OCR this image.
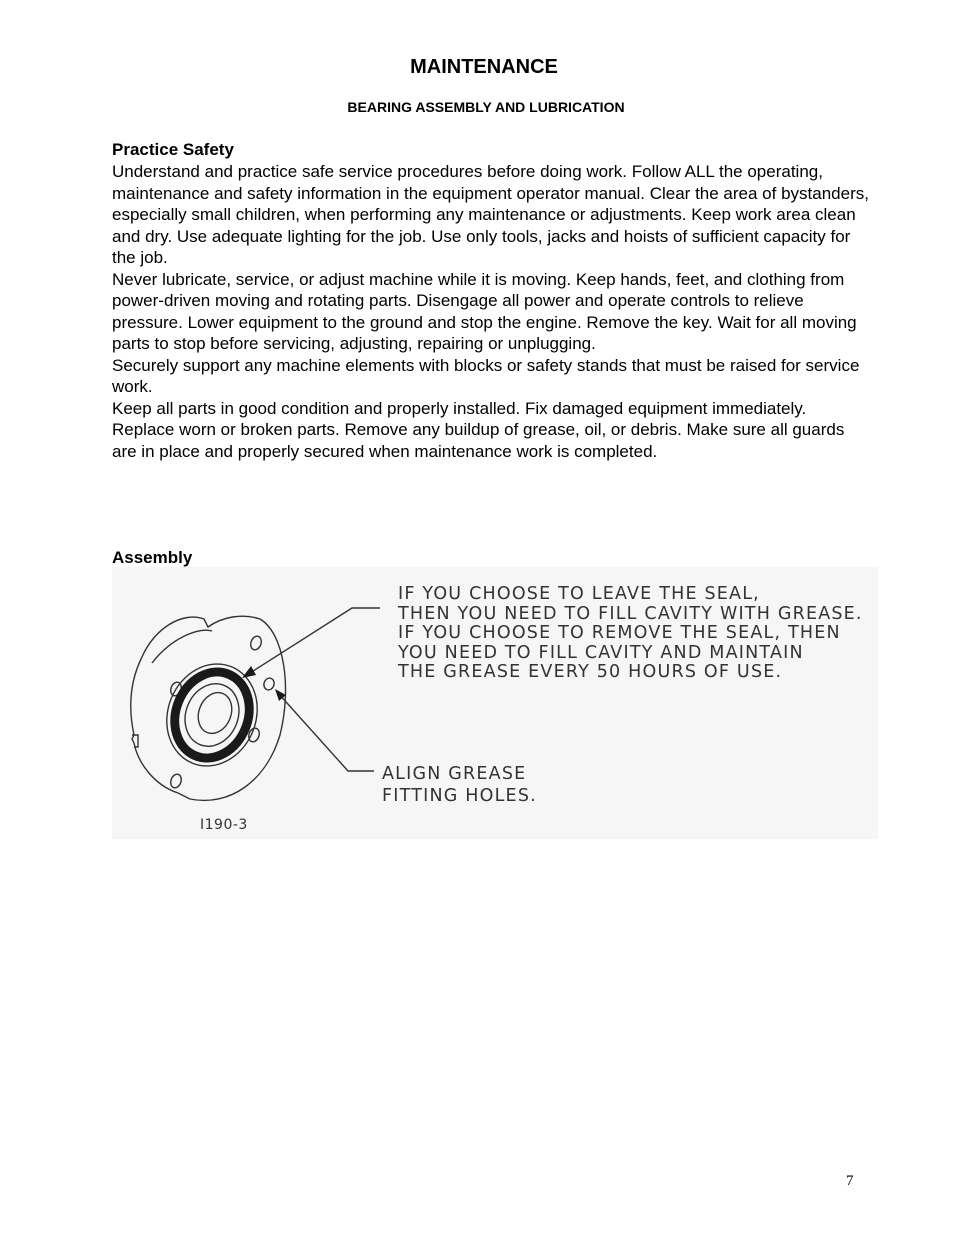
MAINTENANCE
BEARING ASSEMBLY AND LUBRICATION
Practice Safety

Understand and practice safe service procedures before doing work. Follow ALL the operating, maintenance and safety information in the equipment operator manual. Clear the area of bystanders, especially small children, when performing any maintenance or adjustments. Keep work area clean and dry. Use adequate lighting for the job. Use only tools, jacks and hoists of sufficient capacity for the job.

Never lubricate, service, or adjust machine while it is moving. Keep hands, feet, and clothing from power-driven moving and rotating parts. Disengage all power and operate controls to relieve pressure. Lower equipment to the ground and stop the engine. Remove the key. Wait for all moving parts to stop before servicing, adjusting, repairing or unplugging.

Securely support any machine elements with blocks or safety stands that must be raised for service work.

Keep all parts in good condition and properly installed. Fix damaged equipment immediately. Replace worn or broken parts. Remove any buildup of grease, oil, or debris. Make sure all guards are in place and properly secured when maintenance work is completed.

Assembly
IF YOU CHOOSE TO LEAVE THE SEAL,
THEN YOU NEED TO FILL CAVITY WITH GREASE.
IF YOU CHOOSE TO REMOVE THE SEAL, THEN
YOU NEED TO FILL CAVITY AND MAINTAIN
THE GREASE EVERY 50 HOURS OF USE.
ALIGN GREASE
FITTING HOLES.
I190-3
7
